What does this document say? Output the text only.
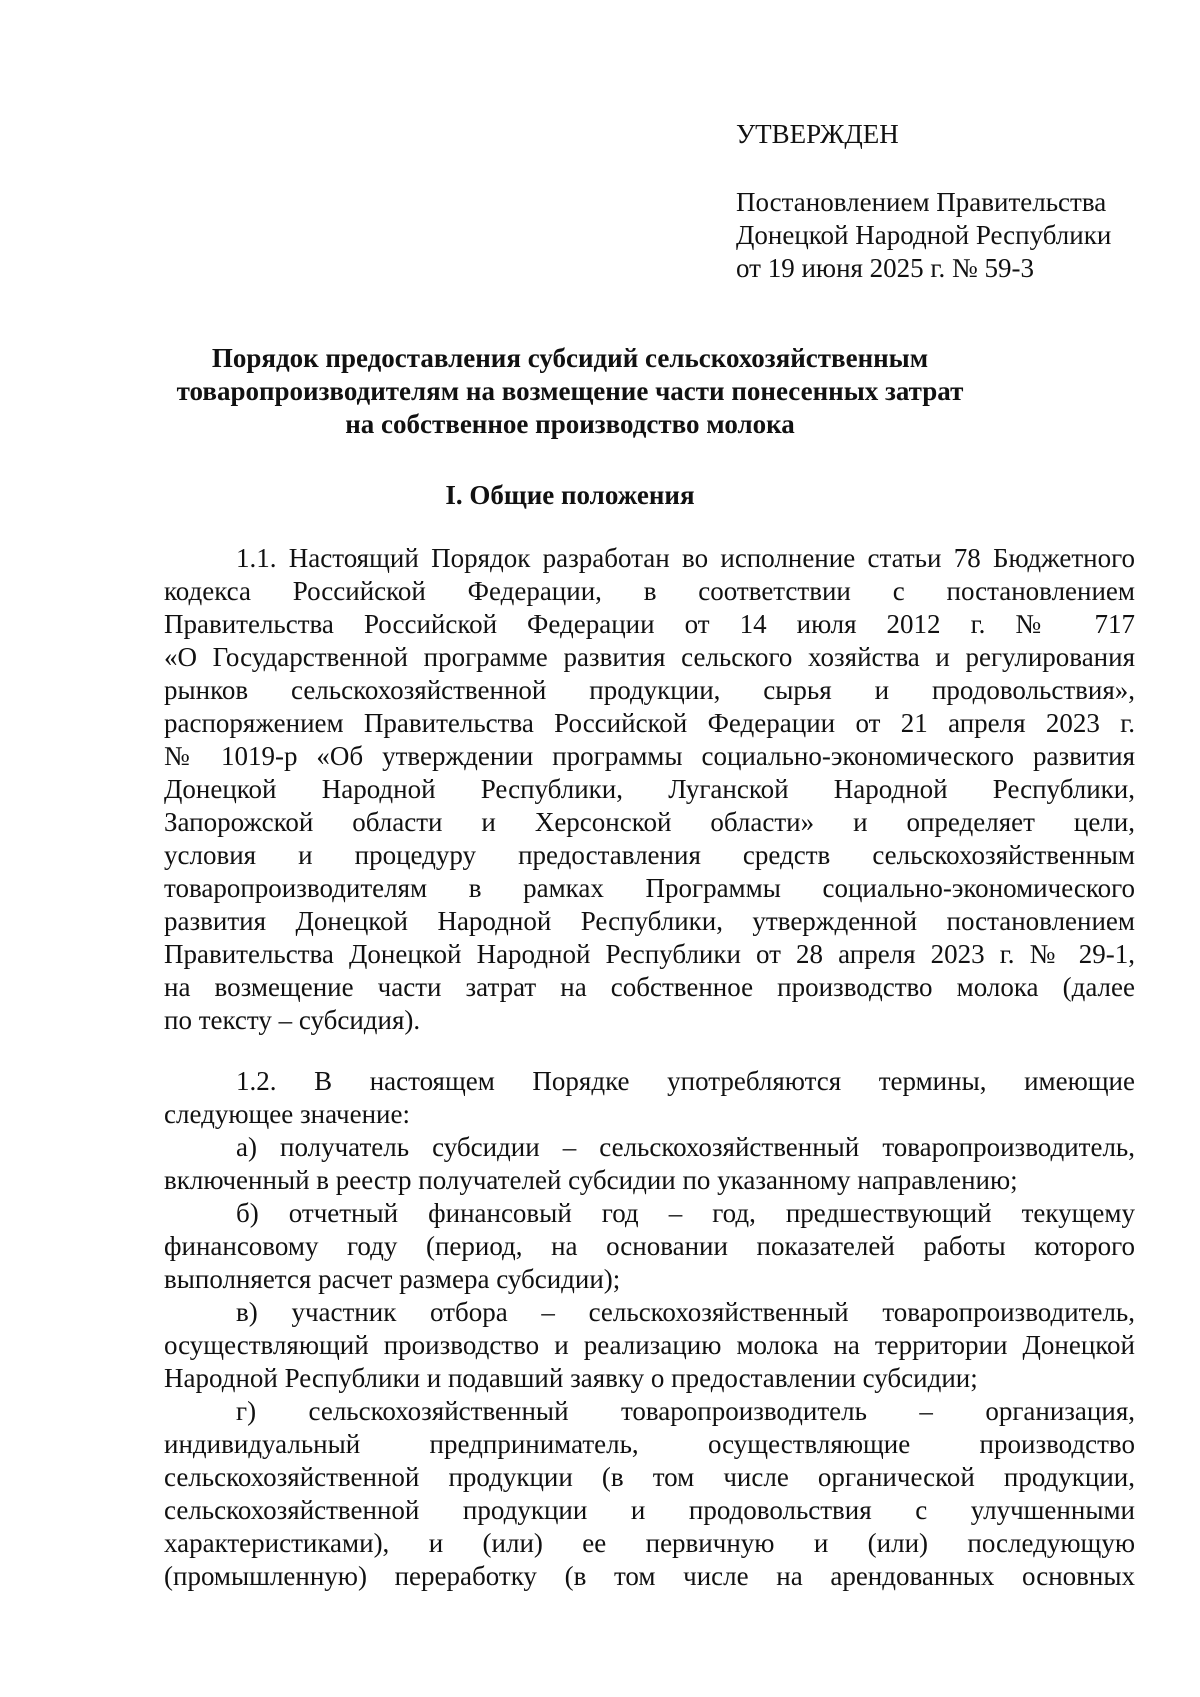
УТВЕРЖДЕН
Постановлением Правительства
Донецкой Народной Республики
от 19 июня 2025 г. № 59-3
Порядок предоставления субсидий сельскохозяйственным
товаропроизводителям на возмещение части понесенных затрат
на собственное производство молока
I. Общие положения
1.1. Настоящий Порядок разработан во исполнение статьи 78 Бюджетного
кодекса Российской Федерации, в соответствии с постановлением
Правительства Российской Федерации от 14 июля 2012 г. № 717
«О Государственной программе развития сельского хозяйства и регулирования
рынков сельскохозяйственной продукции, сырья и продовольствия»,
распоряжением Правительства Российской Федерации от 21 апреля 2023 г.
№ 1019-р «Об утверждении программы социально-экономического развития
Донецкой Народной Республики, Луганской Народной Республики,
Запорожской области и Херсонской области» и определяет цели,
условия и процедуру предоставления средств сельскохозяйственным
товаропроизводителям в рамках Программы социально-экономического
развития Донецкой Народной Республики, утвержденной постановлением
Правительства Донецкой Народной Республики от 28 апреля 2023 г. № 29-1,
на возмещение части затрат на собственное производство молока (далее
по тексту – субсидия).
1.2. В настоящем Порядке употребляются термины, имеющие
следующее значение:
а) получатель субсидии – сельскохозяйственный товаропроизводитель,
включенный в реестр получателей субсидии по указанному направлению;
б) отчетный финансовый год – год, предшествующий текущему
финансовому году (период, на основании показателей работы которого
выполняется расчет размера субсидии);
в) участник отбора – сельскохозяйственный товаропроизводитель,
осуществляющий производство и реализацию молока на территории Донецкой
Народной Республики и подавший заявку о предоставлении субсидии;
г) сельскохозяйственный товаропроизводитель – организация,
индивидуальный предприниматель, осуществляющие производство
сельскохозяйственной продукции (в том числе органической продукции,
сельскохозяйственной продукции и продовольствия с улучшенными
характеристиками), и (или) ее первичную и (или) последующую
(промышленную) переработку (в том числе на арендованных основных
